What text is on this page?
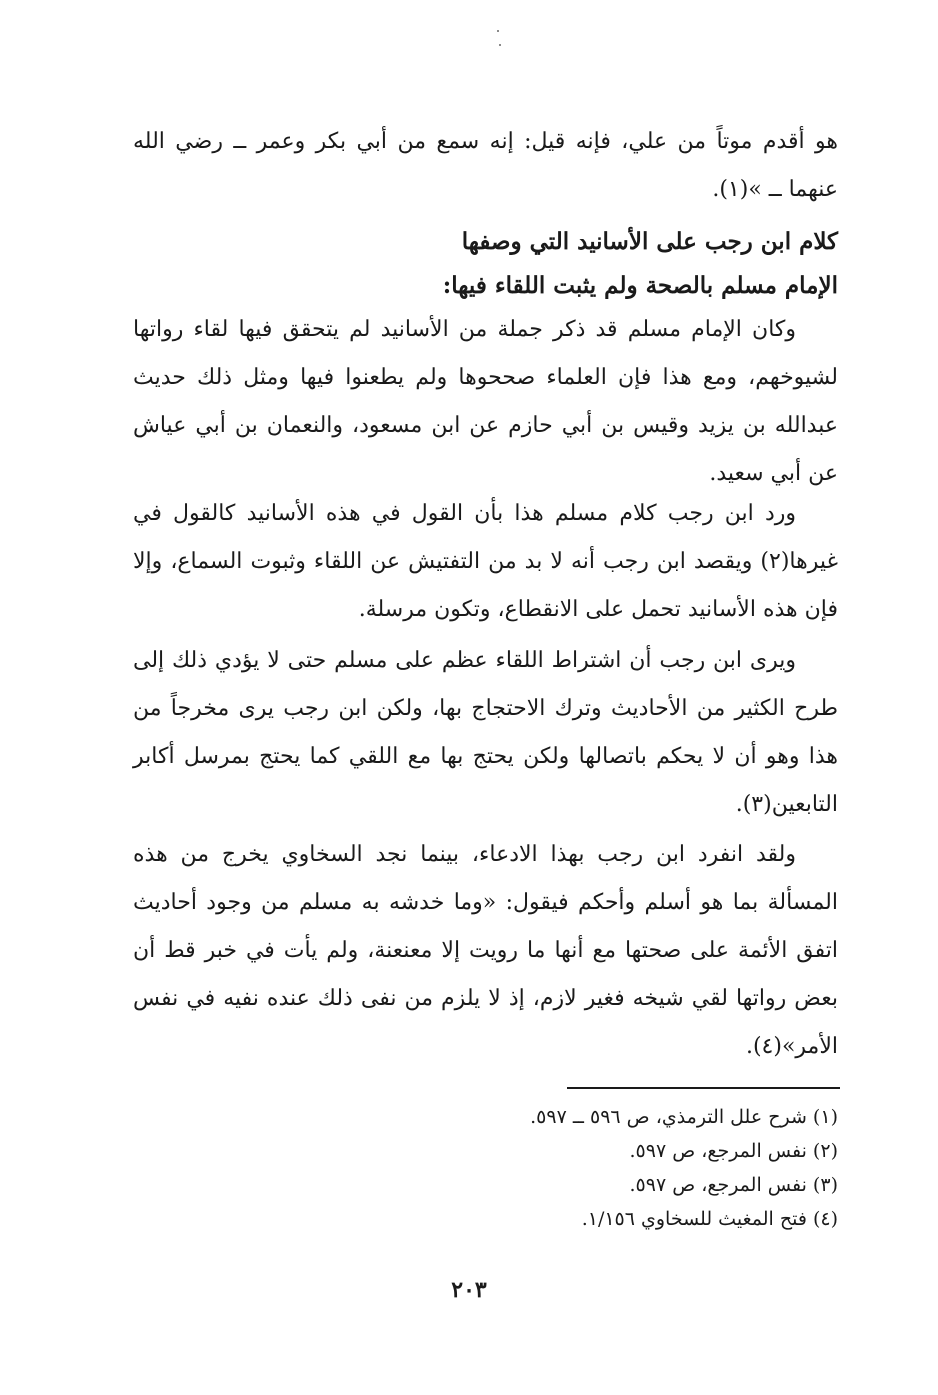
هو أقدم موتاً من علي، فإنه قيل: إنه سمع من أبي بكر وعمر ــ رضي الله عنهما ــ »(١).

كلام ابن رجب على الأسانيد التي وصفها

الإمام مسلم بالصحة ولم يثبت اللقاء فيها:

وكان الإمام مسلم قد ذكر جملة من الأسانيد لم يتحقق فيها لقاء رواتها لشيوخهم، ومع هذا فإن العلماء صححوها ولم يطعنوا فيها ومثل ذلك حديث عبدالله بن يزيد وقيس بن أبي حازم عن ابن مسعود، والنعمان بن أبي عياش عن أبي سعيد.

ورد ابن رجب كلام مسلم هذا بأن القول في هذه الأسانيد كالقول في غيرها(٢) ويقصد ابن رجب أنه لا بد من التفتيش عن اللقاء وثبوت السماع، وإلا فإن هذه الأسانيد تحمل على الانقطاع، وتكون مرسلة.

ويرى ابن رجب أن اشتراط اللقاء عظم على مسلم حتى لا يؤدي ذلك إلى طرح الكثير من الأحاديث وترك الاحتجاج بها، ولكن ابن رجب يرى مخرجاً من هذا وهو أن لا يحكم باتصالها ولكن يحتج بها مع اللقي كما يحتج بمرسل أكابر التابعين(٣).

ولقد انفرد ابن رجب بهذا الادعاء، بينما نجد السخاوي يخرج من هذه المسألة بما هو أسلم وأحكم فيقول: «وما خدشه به مسلم من وجود أحاديث اتفق الأئمة على صحتها مع أنها ما رويت إلا معنعنة، ولم يأت في خبر قط أن بعض رواتها لقي شيخه فغير لازم، إذ لا يلزم من نفى ذلك عنده نفيه في نفس الأمر»(٤).

(١) شرح علل الترمذي، ص ٥٩٦ ــ ٥٩٧.
(٢) نفس المرجع، ص ٥٩٧.
(٣) نفس المرجع، ص ٥٩٧.
(٤) فتح المغيث للسخاوي ١/١٥٦.
٢٠٣
